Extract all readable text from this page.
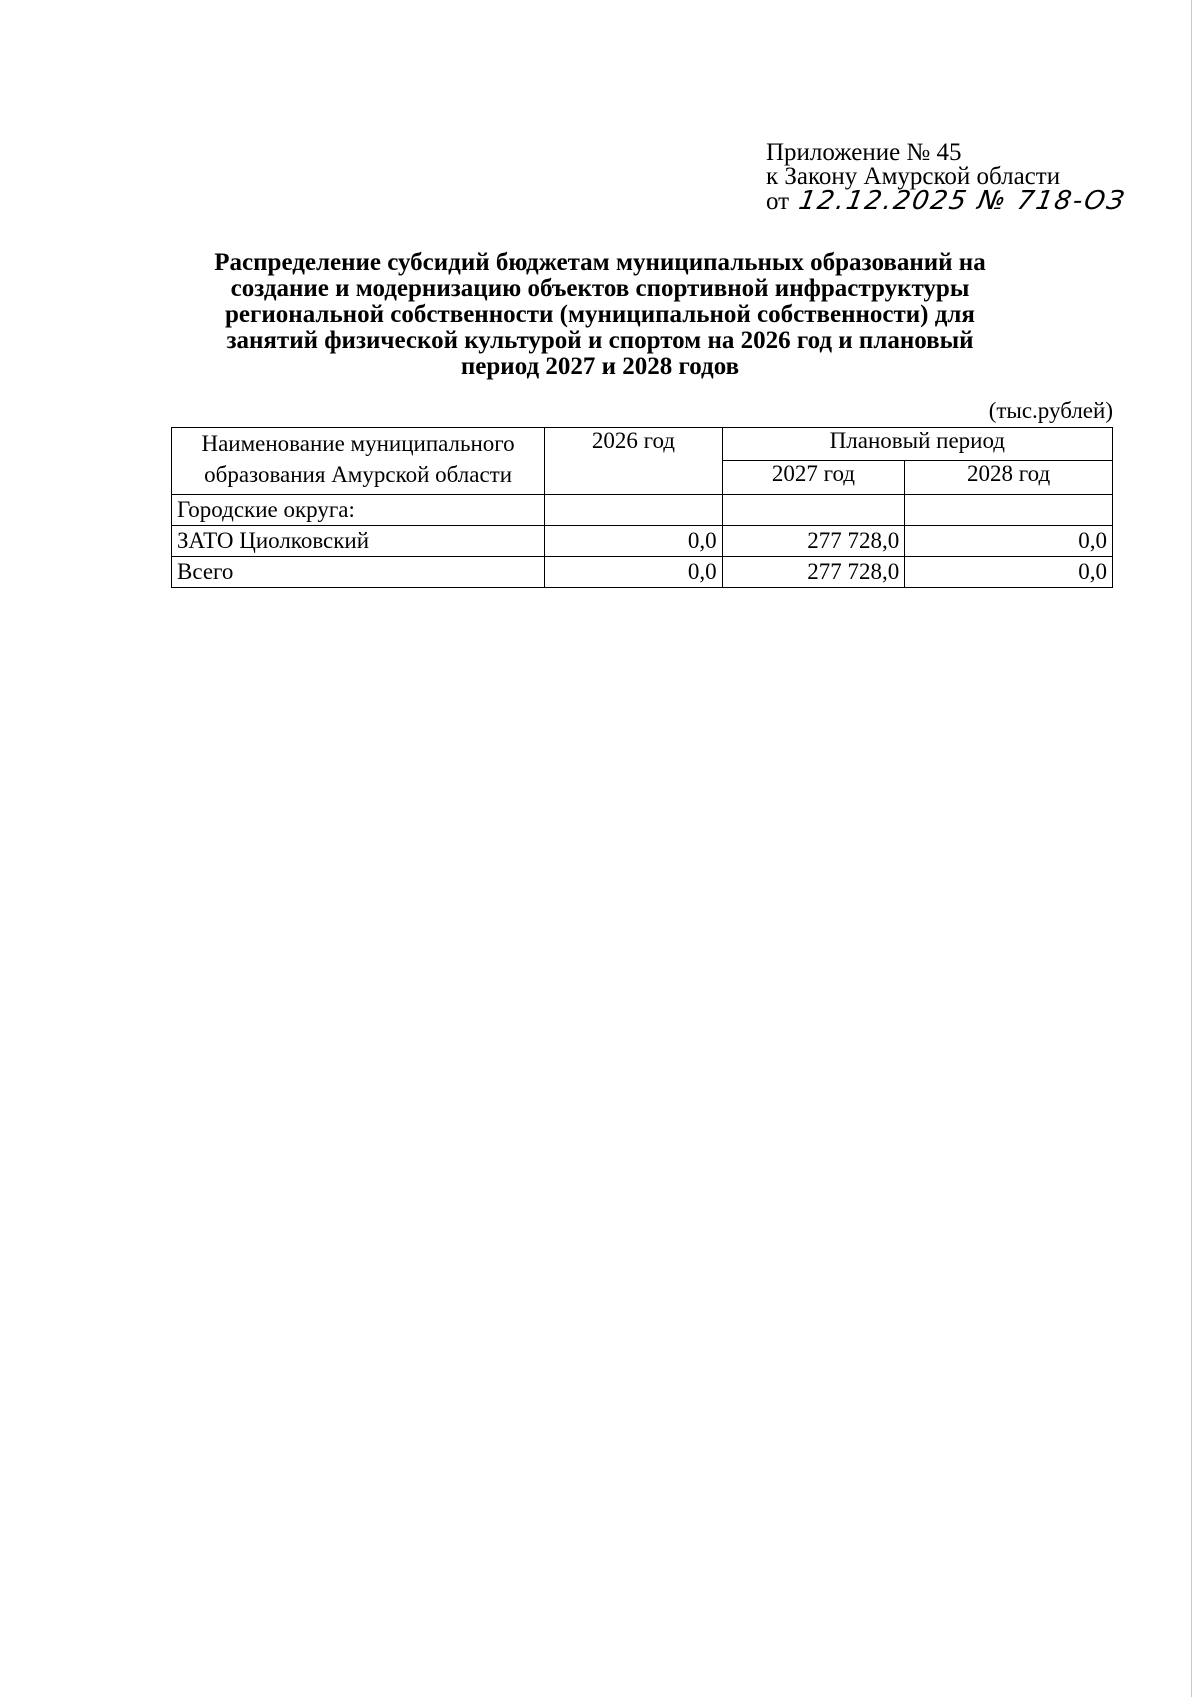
Приложение № 45
к Закону Амурской области
от 12.12.2025 № 718-ОЗ
Распределение субсидий бюджетам муниципальных образований на
создание и модернизацию объектов спортивной инфраструктуры
региональной собственности (муниципальной собственности) для
занятий физической культурой и спортом на 2026 год и плановый
период 2027 и 2028 годов
(тыс.рублей)
Наименование муниципального образования Амурской области	2026 год	Плановый период	
		2027 год	2028 год
Городские округа:			
ЗАТО Циолковский	0,0	277 728,0	0,0
Всего	0,0	277 728,0	0,0
